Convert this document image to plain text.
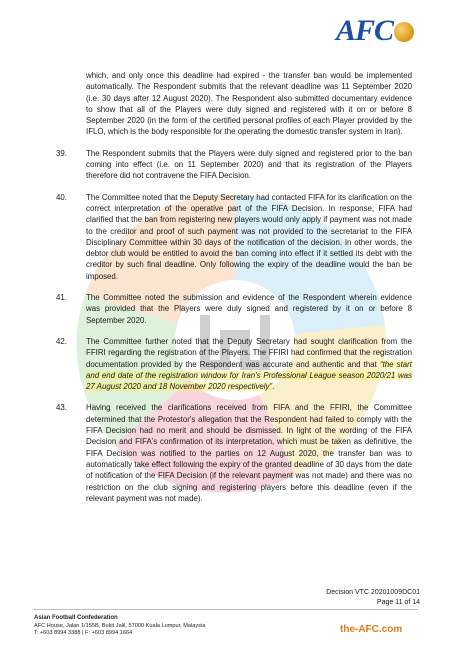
AFC
which, and only once this deadline had expired - the transfer ban would be implemented automatically. The Respondent submits that the relevant deadline was 11 September 2020 (i.e. 30 days after 12 August 2020). The Respondent also submitted documentary evidence to show that all of the Players were duly signed and registered with it on or before 8 September 2020 (in the form of the certified personal profiles of each Player provided by the IFLO, which is the body responsible for the operating the domestic transfer system in Iran).
39.	The Respondent submits that the Players were duly signed and registered prior to the ban coming into effect (i.e. on 11 September 2020) and that its registration of the Players therefore did not contravene the FIFA Decision.
40.	The Committee noted that the Deputy Secretary had contacted FIFA for its clarification on the correct interpretation of the operative part of the FIFA Decision. In response, FIFA had clarified that the ban from registering new players would only apply if payment was not made to the creditor and proof of such payment was not provided to the secretariat to the FIFA Disciplinary Committee within 30 days of the notification of the decision. In other words, the debtor club would be entitled to avoid the ban coming into effect if it settled its debt with the creditor by such final deadline. Only following the expiry of the deadline would the ban be imposed.
41.	The Committee noted the submission and evidence of the Respondent wherein evidence was provided that the Players were duly signed and registered by it on or before 8 September 2020.
42.	The Committee further noted that the Deputy Secretary had sought clarification from the FFIRI regarding the registration of the Players. The FFIRI had confirmed that the registration documentation provided by the Respondent was accurate and authentic and that “the start and end date of the registration window for Iran's Professional League season 2020/21 was 27 August 2020 and 18 November 2020 respectively”.
43.	Having received the clarifications received from FIFA and the FFIRI, the Committee determined that the Protestor's allegation that the Respondent had failed to comply with the FIFA Decision had no merit and should be dismissed. In light of the wording of the FIFA Decision and FIFA's confirmation of its interpretation, which must be taken as definitive, the FIFA Decision was notified to the parties on 12 August 2020, the transfer ban was to automatically take effect following the expiry of the granted deadline of 30 days from the date of notification of the FIFA Decision (if the relevant payment was not made) and there was no restriction on the club signing and registering players before this deadline (even if the relevant payment was not made).
Decision VTC 20201009DC01
Page 11 of 14
Asian Football Confederation
AFC House, Jalan 1/155B, Bukit Jalil, 57000 Kuala Lumpur, Malaysia
T: +603 8994 3388 | F: +603 8994 1664	the-AFC.com
